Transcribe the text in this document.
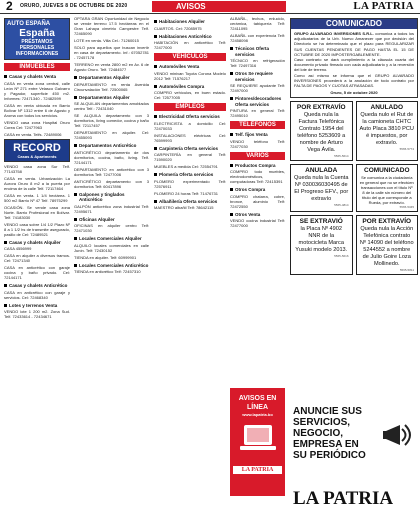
2 ORURO, JUEVES 8 DE OCTUBRE DE 2020	AVISOS	LA PATRIA
AUTO ESPAÑA
España
PRÉSTAMOS
PERSONALES
INFORMACIONES
INMUEBLES
Casas y chalets Venta

CASA en venta zona central, calle León Nº 271 entre Velasco Galvarro y Pagador, superficie 450 m2. Informes: 72471340 - 72482599

CASA en venta ubicada en Barrio Bolívar Nº 1312 entre 6 de Agosto y Aroma con todos los servicios.

VENDO casa zona Hospital Oruro Corea Cel: 72477963

CASA en venta. Telfs. 72489006

RECORD
Casas & Apartments

VENDO casa zona Sur Telf. 77143758

CASA en venta. Urbanización La Aurora Oruro 8 m2 a la puerta por encima de la calle Telf. 72117464

CASA en venta. 1 1/4 hectárea. 1 500 m2 Barrio Nº 47 Telf. 78975299

OCASIÓN. Se vende casa zona Norte. Barrio Profesional en Bolívar. Telf. 74183030

VENDO casa sobre 1/4 1/2 Plazo Nº 8 a 1 1/2 hs de transmite asegurado, pasillo de Cel: 72489521

Casas y chalets Alquiler

CASA 4556999

CASA en alquiler a diversos tramos. Cel: 72471340

CASA en anticrético con garaje cocina y baño privado. Cel: 72144171

Casas y chalets Anticrético

CASA en anticrético con garaje y servicios. Cel: 72468340

Lotes y terrenos Venta

VENDO lote 1 200 m2. Zona Sud. Telf. 72433614 - 72434671

OPTARA GRAN Oportunidad de Negocio se vende terreno 17.5 hectáreas en el Gran Lahaya cimetrio Campestre Telf. 72465090

LOTE en venta. Villa Cel.: 71260015

SOLO para aquellos que buscan invertir en casa de departamento. Inf.: 67052781 - 72457178

TERRENO en venta 2800 m2 en Av. 6 de Agosto Oruro. Telf. 72484577

Departamentos Alquiler

DEPARTAMENTO en renta Avenida Circunvalación Telf. 72500065

Departamentos Alquiler

SE ALQUILAN departamentos amoblados centro Telf.: 72431040

SE ALQUILA departamento con 3 dormitorios, living comedor, cocina y baño Telf. 72117457

DEPARTAMENTO en alquiler. Cel: 72455093

Departamentos Anticrético

ANTICRÉTICO departamento de dos dormitorios, cocina, baño, living. Telf. 72144171

DEPARTAMENTO en anticrético con 3 dormitorios Telf: 72477006

ANTICRÉTICO departamento con 3 dormitorios Telf: 60417896

Galpones y tinglados Anticrético

GALPÓN anticrético zona industrial Telf: 72495671

Oficinas Alquiler

OFICINAS en alquiler centro Telf: 72471030

Locales Comerciales Alquiler

ALQUILO locales comerciales en calle Junín. Telf: 72430152

TIENDA en alquiler. Telf: 60999901

Locales Comerciales Anticrético

TIENDA en anticrético Telf: 72457310

Habitaciones Alquiler

CUARTOS. Cel: 72085975

Habitaciones Anticrético

HABITACIÓN en anticrético Telf: 72477000

VEHÍCULOS
Automóviles Venta

VENDO minivan Toyota Corona Modelo 2012 Telf: 71576217

Automóviles Compra

COMPRO vehículos, en buen estado. Cel: 72577005

EMPLEOS
Electricidad Oferta servicios

ELECTRICISTA a domicilio Cel: 72470033

INSTALACIONES eléctricas Cel: 76599993

Carpintería Oferta servicios

CARPINTERÍA en general Telf: 71590020

MUEBLES a medida Cel: 72554791

Plomería Oferta servicios

PLOMERO experimentado Telf: 72576911

PLOMERO 24 horas Telf: 71476731

Albañilería Oferta servicios

MAESTRO albañil Telf: 78642115

ALBAÑIL, techos, enlucido, cerámica, tabiquería Telf: 72411095

ALBAÑIL con experiencia Telf: 72458098

Técnicos Oferta servicios

TÉCNICO en refrigeración Telf: 72497316

Otros Se requiere servicios

SE REQUIERE ayudante Telf: 72497000

Pintores/decoradores Oferta servicios

PINTURA en general Telf: 72495010

TELÉFONOS
Telf. fijos Venta

VENDO teléfono Telf: 72477030

VARIOS
Productos Compra

COMPRO todo muebles, electrodomésticos, computadoras Telf: 72415391

Otros Compra

COMPRO chatarra, cobre, bronce, aluminio Telf: 72472550

Otros Venta

VENDO cocina industrial Telf: 72477000

AVISOS EN LÍNEA
www.lapatria.bo
LA PATRIA
COMUNICADO
GRUPO ALVARADO INVERSIONES S.R.L. comunica a todos los adjudicatarios de la Urb. Nuevo Amanecer que por decisión del Directorio se ha determinado que el plazo para REGULARIZAR SUS CUENTAS PENDIENTES DE PAGO HASTA EL 15 DE OCTUBRE DE 2020 IMPOSTERGABLEMENTE.
Caso contrario se dará cumplimiento a la cláusula cuarta del documento privado firmado con cada adjudicatario y a la reversión del lote de terreno.
Como así mismo se informa que el GRUPO ALVARADO INVERSIONES procederá a la anulación de todo contrato por FALTA DE PAGOS Y CUOTAS ATRASADAS.
Oruro, 5 de octubre 2020
POR EXTRAVÍO
Queda nula la Factura Telefónica Contrato 1954 del teléfono 5253609 a nombre de Arturo Vega Ávila.
5565-5614
ANULADO
Queda nulo el Rut de la camioneta CHTC Auto Placa 3810 PCU é impuestos, por extravío.
5565-5774
ANULADA
Queda nula la Cuenta Nº 030036030495 de El Progreso EFV., por extravío
5565-4814
COMUNICADO
Se comunica a la ciudadanía en general que no se efectúen transacciones con el título Nº 8 de la calle sin número del título del que corresponde a Rueda, por extravío.
5565-5345
SE EXTRAVIÓ
la Placa Nº 4902 NNR de la motocicleta Marca Yusuki modelo 2013.
5565-5616
POR EXTRAVÍO
Queda nula la Acción Telefónica contrato Nº 14090 del teléfono 5244552 a nombre de Julio Goire Loza Mollinedo.
5565-5811
ANUNCIE SUS SERVICIOS, NEGOCIO, EMPRESA EN SU PERIÓDICO
LA PATRIA
